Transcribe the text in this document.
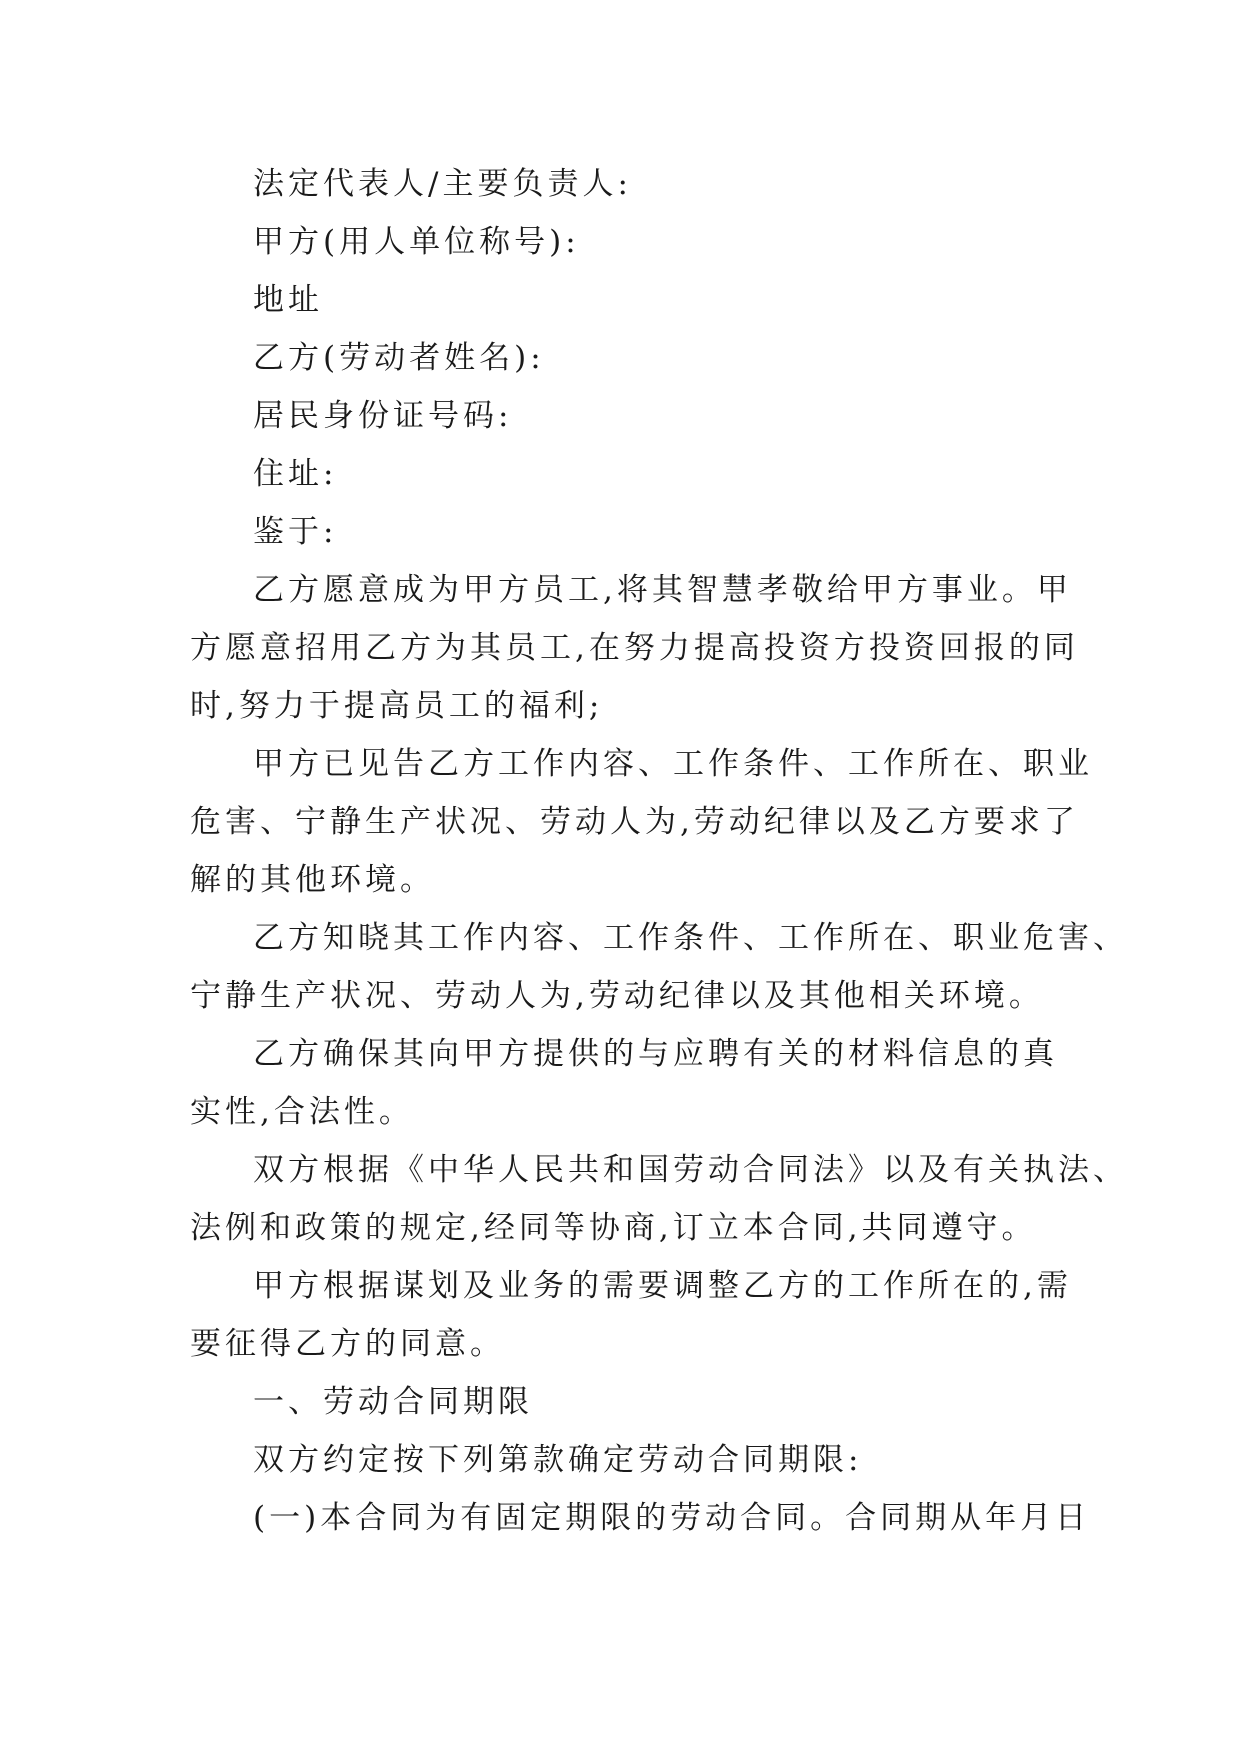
法定代表人/主要负责人:
甲方(用人单位称号):
地址
乙方(劳动者姓名):
居民身份证号码:
住址:
鉴于:
乙方愿意成为甲方员工,将其智慧孝敬给甲方事业。甲
方愿意招用乙方为其员工,在努力提高投资方投资回报的同
时,努力于提高员工的福利;
甲方已见告乙方工作内容、工作条件、工作所在、职业
危害、宁静生产状况、劳动人为,劳动纪律以及乙方要求了
解的其他环境。
乙方知晓其工作内容、工作条件、工作所在、职业危害、
宁静生产状况、劳动人为,劳动纪律以及其他相关环境。
乙方确保其向甲方提供的与应聘有关的材料信息的真
实性,合法性。
双方根据《中华人民共和国劳动合同法》以及有关执法、
法例和政策的规定,经同等协商,订立本合同,共同遵守。
甲方根据谋划及业务的需要调整乙方的工作所在的,需
要征得乙方的同意。
一、劳动合同期限
双方约定按下列第款确定劳动合同期限:
(一)本合同为有固定期限的劳动合同。合同期从年月日
